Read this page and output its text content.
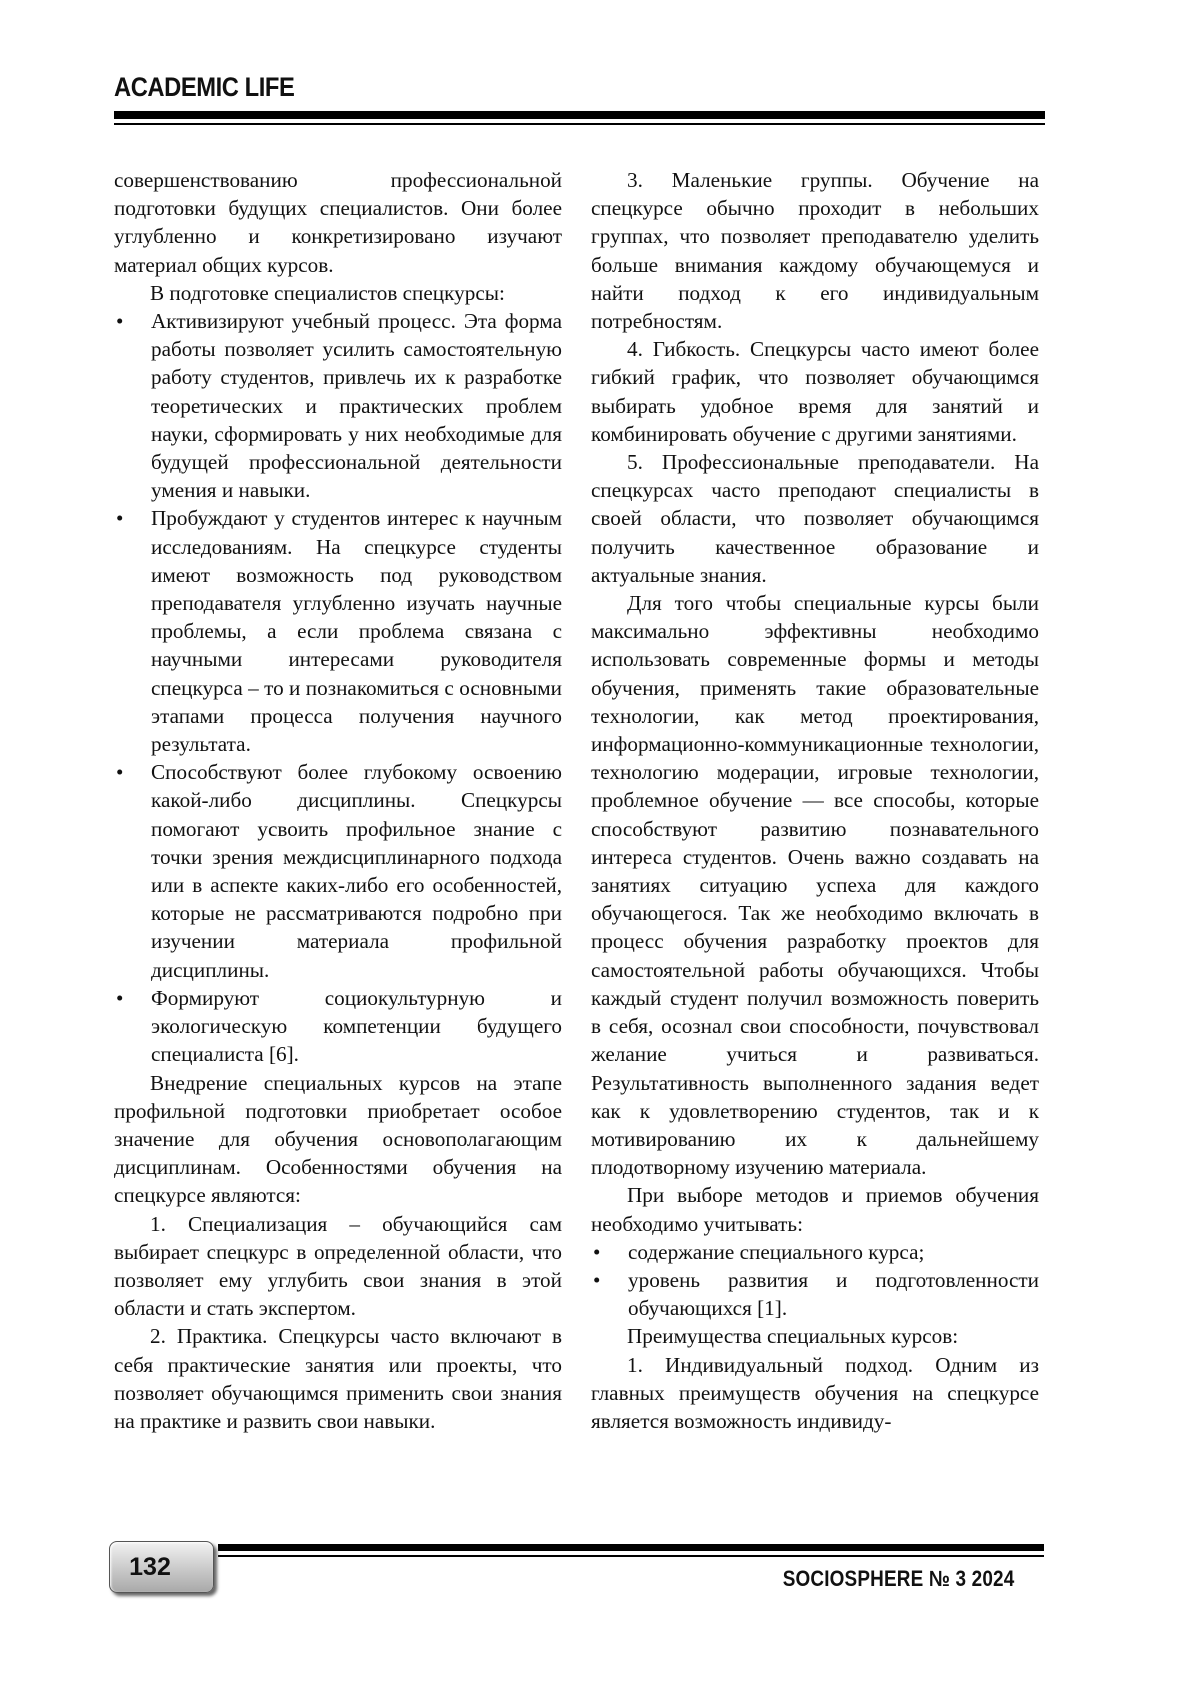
ACADEMIC LIFE

совершенствованию профессиональной подготовки будущих специалистов. Они более углубленно и конкретизировано изучают материал общих курсов.

В подготовке специалистов спецкурсы:

• Активизируют учебный процесс. Эта форма работы позволяет усилить самостоятельную работу студентов, привлечь их к разработке теоретических и практических проблем науки, сформировать у них необходимые для будущей профессиональной деятельности умения и навыки.
• Пробуждают у студентов интерес к научным исследованиям. На спецкурсе студенты имеют возможность под руководством преподавателя углубленно изучать научные проблемы, а если проблема связана с научными интересами руководителя спецкурса – то и познакомиться с основными этапами процесса получения научного результата.
• Способствуют более глубокому освоению какой-либо дисциплины. Спецкурсы помогают усвоить профильное знание с точки зрения междисциплинарного подхода или в аспекте каких-либо его особенностей, которые не рассматриваются подробно при изучении материала профильной дисциплины.
• Формируют социокультурную и экологическую компетенции будущего специалиста [6].

Внедрение специальных курсов на этапе профильной подготовки приобретает особое значение для обучения основополагающим дисциплинам. Особенностями обучения на спецкурсе являются:

1. Специализация – обучающийся сам выбирает спецкурс в определенной области, что позволяет ему углубить свои знания в этой области и стать экспертом.

2. Практика. Спецкурсы часто включают в себя практические занятия или проекты, что позволяет обучающимся применить свои знания на практике и развить свои навыки.

3. Маленькие группы. Обучение на спецкурсе обычно проходит в небольших группах, что позволяет преподавателю уделить больше внимания каждому обучающемуся и найти подход к его индивидуальным потребностям.

4. Гибкость. Спецкурсы часто имеют более гибкий график, что позволяет обучающимся выбирать удобное время для занятий и комбинировать обучение с другими занятиями.

5. Профессиональные преподаватели. На спецкурсах часто преподают специалисты в своей области, что позволяет обучающимся получить качественное образование и актуальные знания.

Для того чтобы специальные курсы были максимально эффективны необходимо использовать современные формы и методы обучения, применять такие образовательные технологии, как метод проектирования, информационно-коммуникационные технологии, технологию модерации, игровые технологии, проблемное обучение — все способы, которые способствуют развитию познавательного интереса студентов. Очень важно создавать на занятиях ситуацию успеха для каждого обучающегося. Так же необходимо включать в процесс обучения разработку проектов для самостоятельной работы обучающихся. Чтобы каждый студент получил возможность поверить в себя, осознал свои способности, почувствовал желание учиться и развиваться. Результативность выполненного задания ведет как к удовлетворению студентов, так и к мотивированию их к дальнейшему плодотворному изучению материала.

При выборе методов и приемов обучения необходимо учитывать:

• содержание специального курса;
• уровень развития и подготовленности обучающихся [1].

Преимущества специальных курсов:

1. Индивидуальный подход. Одним из главных преимуществ обучения на спецкурсе является возможность индивиду-

132	SOCIOSPHERE № 3 2024
